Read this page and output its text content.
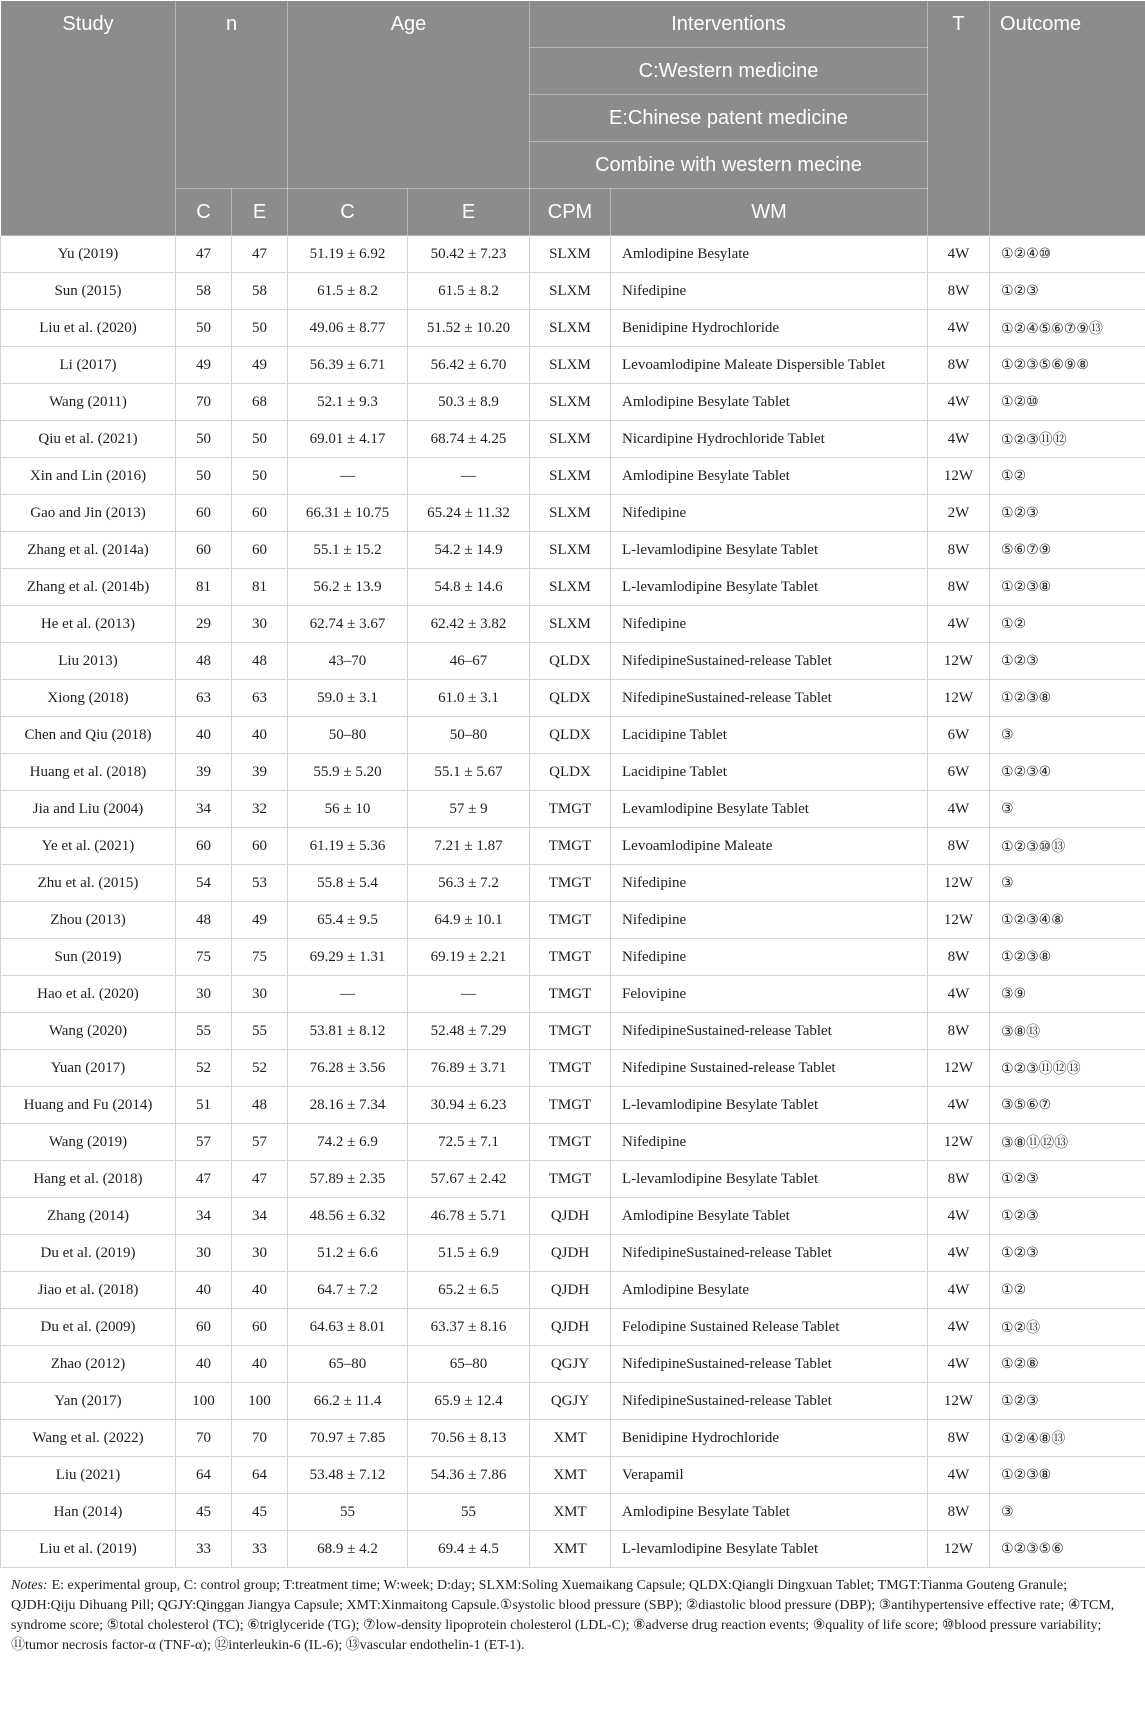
Study	n		Age		Interventions		T	Outcome
					C:Western medicine			
					E:Chinese patent medicine			
					Combine with western mecine			
	C	E	C	E	CPM	WM		
Yu (2019)	47	47	51.19 ± 6.92	50.42 ± 7.23	SLXM	Amlodipine Besylate	4W	①②④⑩
Sun (2015)	58	58	61.5 ± 8.2	61.5 ± 8.2	SLXM	Nifedipine	8W	①②③
Liu et al. (2020)	50	50	49.06 ± 8.77	51.52 ± 10.20	SLXM	Benidipine Hydrochloride	4W	①②④⑤⑥⑦⑨⑬
Li (2017)	49	49	56.39 ± 6.71	56.42 ± 6.70	SLXM	Levoamlodipine Maleate Dispersible Tablet	8W	①②③⑤⑥⑨⑧
Wang (2011)	70	68	52.1 ± 9.3	50.3 ± 8.9	SLXM	Amlodipine Besylate Tablet	4W	①②⑩
Qiu et al. (2021)	50	50	69.01 ± 4.17	68.74 ± 4.25	SLXM	Nicardipine Hydrochloride Tablet	4W	①②③⑪⑫
Xin and Lin (2016)	50	50	—	—	SLXM	Amlodipine Besylate Tablet	12W	①②
Gao and Jin (2013)	60	60	66.31 ± 10.75	65.24 ± 11.32	SLXM	Nifedipine	2W	①②③
Zhang et al. (2014a)	60	60	55.1 ± 15.2	54.2 ± 14.9	SLXM	L-levamlodipine Besylate Tablet	8W	⑤⑥⑦⑨
Zhang et al. (2014b)	81	81	56.2 ± 13.9	54.8 ± 14.6	SLXM	L-levamlodipine Besylate Tablet	8W	①②③⑧
He et al. (2013)	29	30	62.74 ± 3.67	62.42 ± 3.82	SLXM	Nifedipine	4W	①②
Liu 2013)	48	48	43–70	46–67	QLDX	NifedipineSustained-release Tablet	12W	①②③
Xiong (2018)	63	63	59.0 ± 3.1	61.0 ± 3.1	QLDX	NifedipineSustained-release Tablet	12W	①②③⑧
Chen and Qiu (2018)	40	40	50–80	50–80	QLDX	Lacidipine Tablet	6W	③
Huang et al. (2018)	39	39	55.9 ± 5.20	55.1 ± 5.67	QLDX	Lacidipine Tablet	6W	①②③④
Jia and Liu (2004)	34	32	56 ± 10	57 ± 9	TMGT	Levamlodipine Besylate Tablet	4W	③
Ye et al. (2021)	60	60	61.19 ± 5.36	7.21 ± 1.87	TMGT	Levoamlodipine Maleate	8W	①②③⑩⑬
Zhu et al. (2015)	54	53	55.8 ± 5.4	56.3 ± 7.2	TMGT	Nifedipine	12W	③
Zhou (2013)	48	49	65.4 ± 9.5	64.9 ± 10.1	TMGT	Nifedipine	12W	①②③④⑧
Sun (2019)	75	75	69.29 ± 1.31	69.19 ± 2.21	TMGT	Nifedipine	8W	①②③⑧
Hao et al. (2020)	30	30	—	—	TMGT	Felovipine	4W	③⑨
Wang (2020)	55	55	53.81 ± 8.12	52.48 ± 7.29	TMGT	NifedipineSustained-release Tablet	8W	③⑧⑬
Yuan (2017)	52	52	76.28 ± 3.56	76.89 ± 3.71	TMGT	Nifedipine Sustained-release Tablet	12W	①②③⑪⑫⑬
Huang and Fu (2014)	51	48	28.16 ± 7.34	30.94 ± 6.23	TMGT	L-levamlodipine Besylate Tablet	4W	③⑤⑥⑦
Wang (2019)	57	57	74.2 ± 6.9	72.5 ± 7.1	TMGT	Nifedipine	12W	③⑧⑪⑫⑬
Hang et al. (2018)	47	47	57.89 ± 2.35	57.67 ± 2.42	TMGT	L-levamlodipine Besylate Tablet	8W	①②③
Zhang (2014)	34	34	48.56 ± 6.32	46.78 ± 5.71	QJDH	Amlodipine Besylate Tablet	4W	①②③
Du et al. (2019)	30	30	51.2 ± 6.6	51.5 ± 6.9	QJDH	NifedipineSustained-release Tablet	4W	①②③
Jiao et al. (2018)	40	40	64.7 ± 7.2	65.2 ± 6.5	QJDH	Amlodipine Besylate	4W	①②
Du et al. (2009)	60	60	64.63 ± 8.01	63.37 ± 8.16	QJDH	Felodipine Sustained Release Tablet	4W	①②⑬
Zhao (2012)	40	40	65–80	65–80	QGJY	NifedipineSustained-release Tablet	4W	①②⑧
Yan (2017)	100	100	66.2 ± 11.4	65.9 ± 12.4	QGJY	NifedipineSustained-release Tablet	12W	①②③
Wang et al. (2022)	70	70	70.97 ± 7.85	70.56 ± 8.13	XMT	Benidipine Hydrochloride	8W	①②④⑧⑬
Liu (2021)	64	64	53.48 ± 7.12	54.36 ± 7.86	XMT	Verapamil	4W	①②③⑧
Han (2014)	45	45	55	55	XMT	Amlodipine Besylate Tablet	8W	③
Liu et al. (2019)	33	33	68.9 ± 4.2	69.4 ± 4.5	XMT	L-levamlodipine Besylate Tablet	12W	①②③⑤⑥

Notes: E: experimental group, C: control group; T:treatment time; W:week; D:day; SLXM:Soling Xuemaikang Capsule; QLDX:Qiangli Dingxuan Tablet; TMGT:Tianma Gouteng Granule; QJDH:Qiju Dihuang Pill; QGJY:Qinggan Jiangya Capsule; XMT:Xinmaitong Capsule.①systolic blood pressure (SBP); ②diastolic blood pressure (DBP); ③antihypertensive effective rate; ④TCM, syndrome score; ⑤total cholesterol (TC); ⑥triglyceride (TG); ⑦low-density lipoprotein cholesterol (LDL-C); ⑧adverse drug reaction events; ⑨quality of life score; ⑩blood pressure variability; ⑪tumor necrosis factor-α (TNF-α); ⑫interleukin-6 (IL-6); ⑬vascular endothelin-1 (ET-1).
